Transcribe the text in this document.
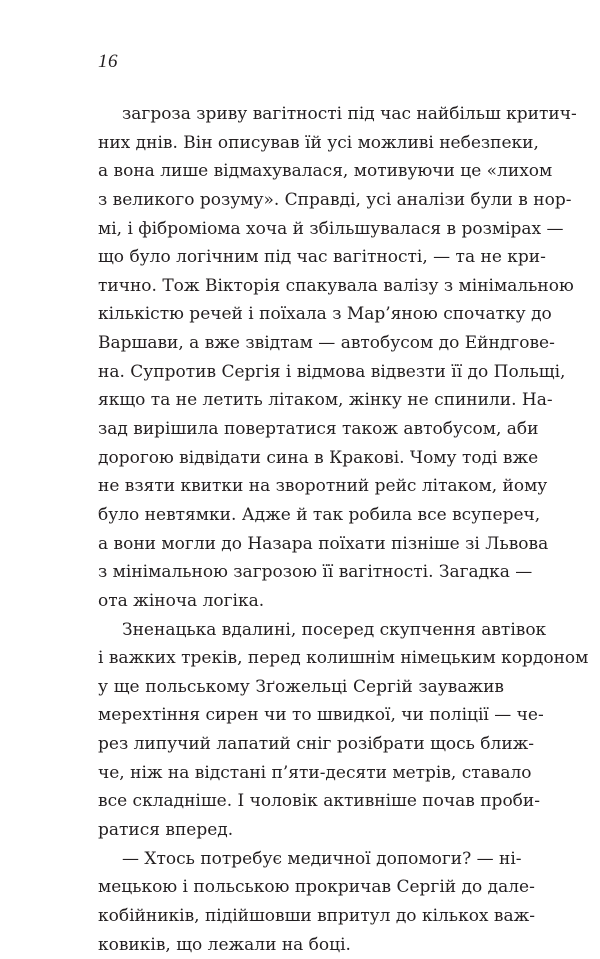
16
загроза зриву вагітності під час найбільш критич-
них днів. Він описував їй усі можливі небезпеки,
а вона лише відмахувалася, мотивуючи це «лихом
з великого розуму». Справді, усі аналізи були в нор-
мі, і фіброміома хоча й збільшувалася в розмірах —
що було логічним під час вагітності, — та не кри-
тично. Тож Вікторія спакувала валізу з мінімальною
кількістю речей і поїхала з Мар’яною спочатку до
Варшави, а вже звідтам — автобусом до Ейндгове-
на. Супротив Сергія і відмова відвезти її до Польщі,
якщо та не летить літаком, жінку не спинили. На-
зад вирішила повертатися також автобусом, аби
дорогою відвідати сина в Кракові. Чому тоді вже
не взяти квитки на зворотний рейс літаком, йому
було невтямки. Адже й так робила все всупереч,
а вони могли до Назара поїхати пізніше зі Львова
з мінімальною загрозою її вагітності. Загадка —
ота жіноча логіка.
Зненацька вдалині, посеред скупчення автівок
і важких треків, перед колишнім німецьким кордоном
у ще польському Зґожельці Сергій зауважив
мерехтіння сирен чи то швидкої, чи поліції — че-
рез липучий лапатий сніг розібрати щось ближ-
че, ніж на відстані п’яти-десяти метрів, ставало
все складніше. І чоловік активніше почав проби-
ратися вперед.
— Хтось потребує медичної допомоги? — ні-
мецькою і польською прокричав Сергій до дале-
кобійників, підійшовши впритул до кількох важ-
ковиків, що лежали на боці.
